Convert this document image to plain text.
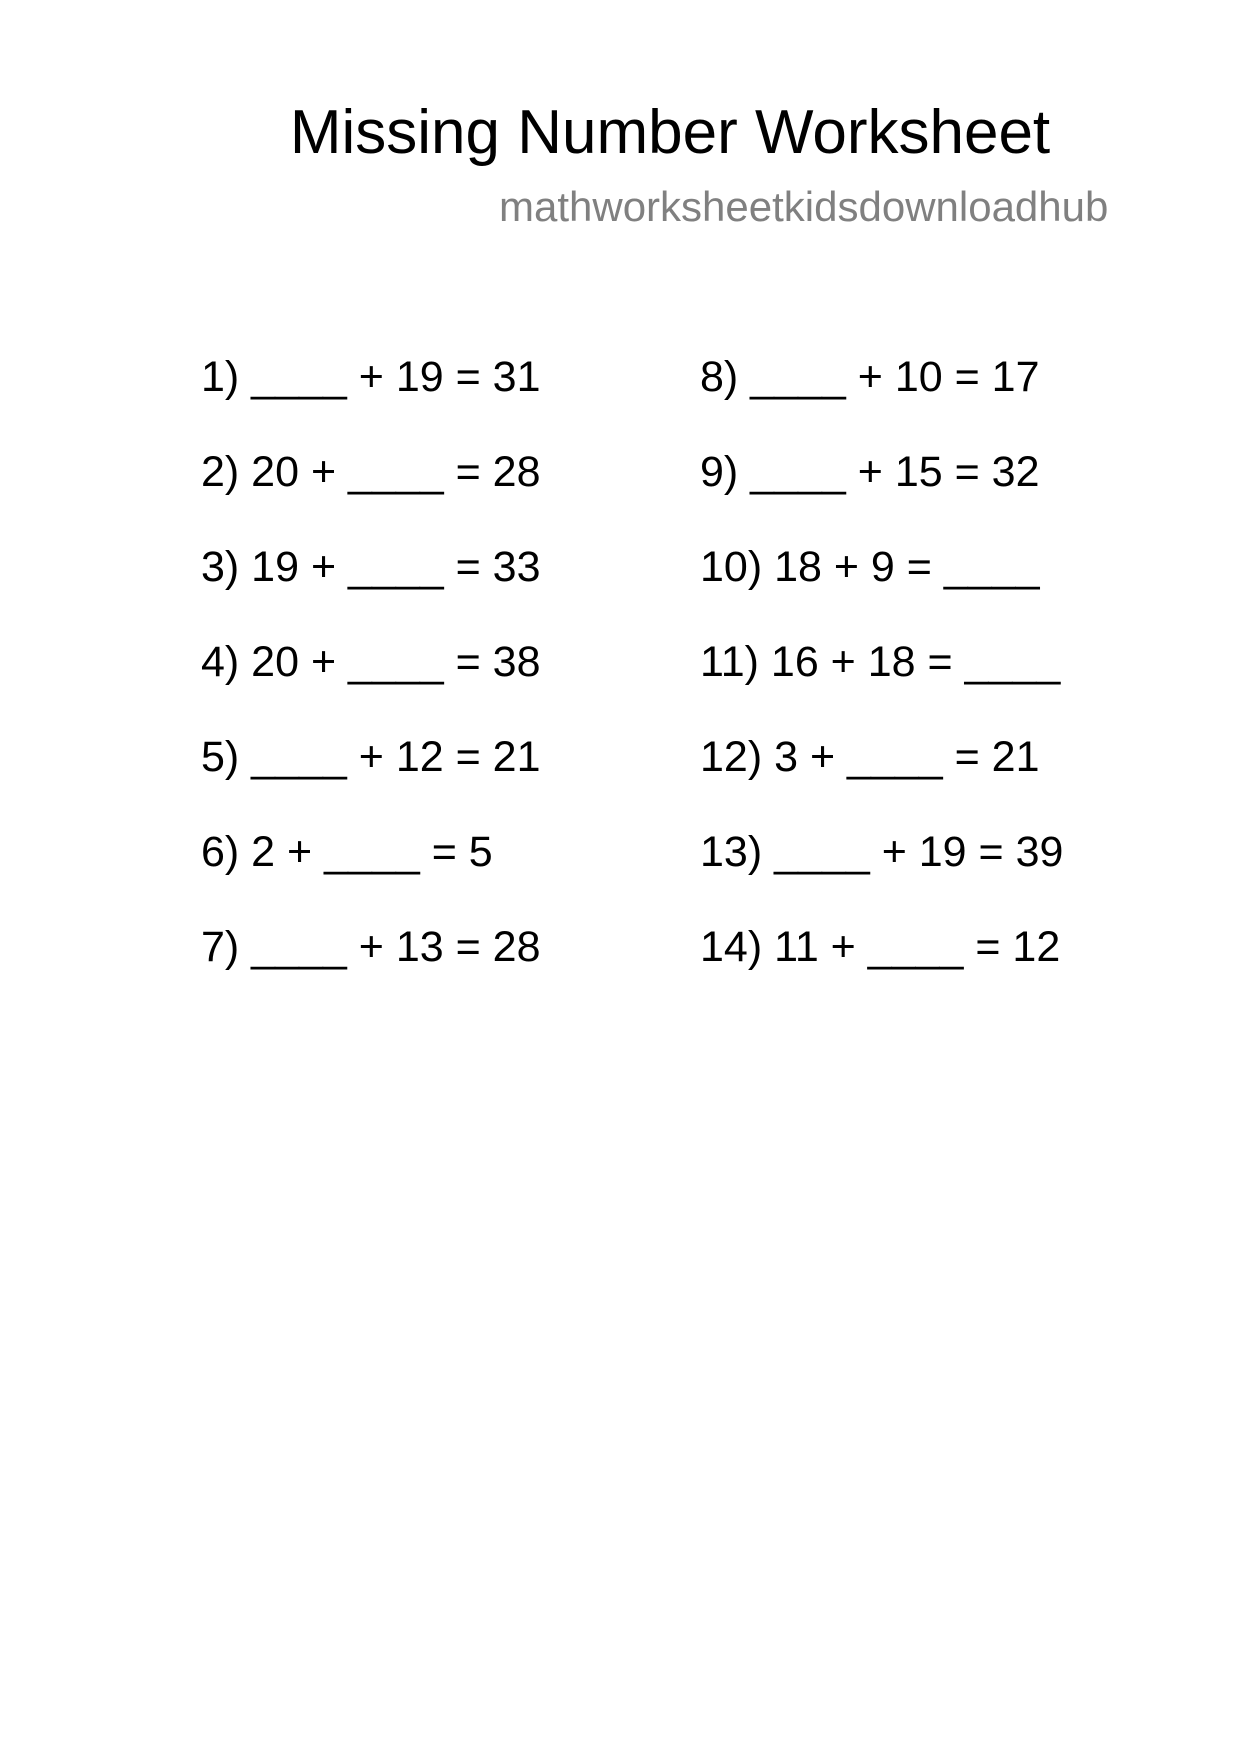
Missing Number Worksheet
mathworksheetkidsdownloadhub
1) ____ + 19 = 31
2) 20 + ____ = 28
3) 19 + ____ = 33
4) 20 + ____ = 38
5) ____ + 12 = 21
6) 2 + ____ = 5
7) ____ + 13 = 28
8) ____ + 10 = 17
9) ____ + 15 = 32
10) 18 + 9 = ____
11) 16 + 18 = ____
12) 3 + ____ = 21
13) ____ + 19 = 39
14) 11 + ____ = 12
